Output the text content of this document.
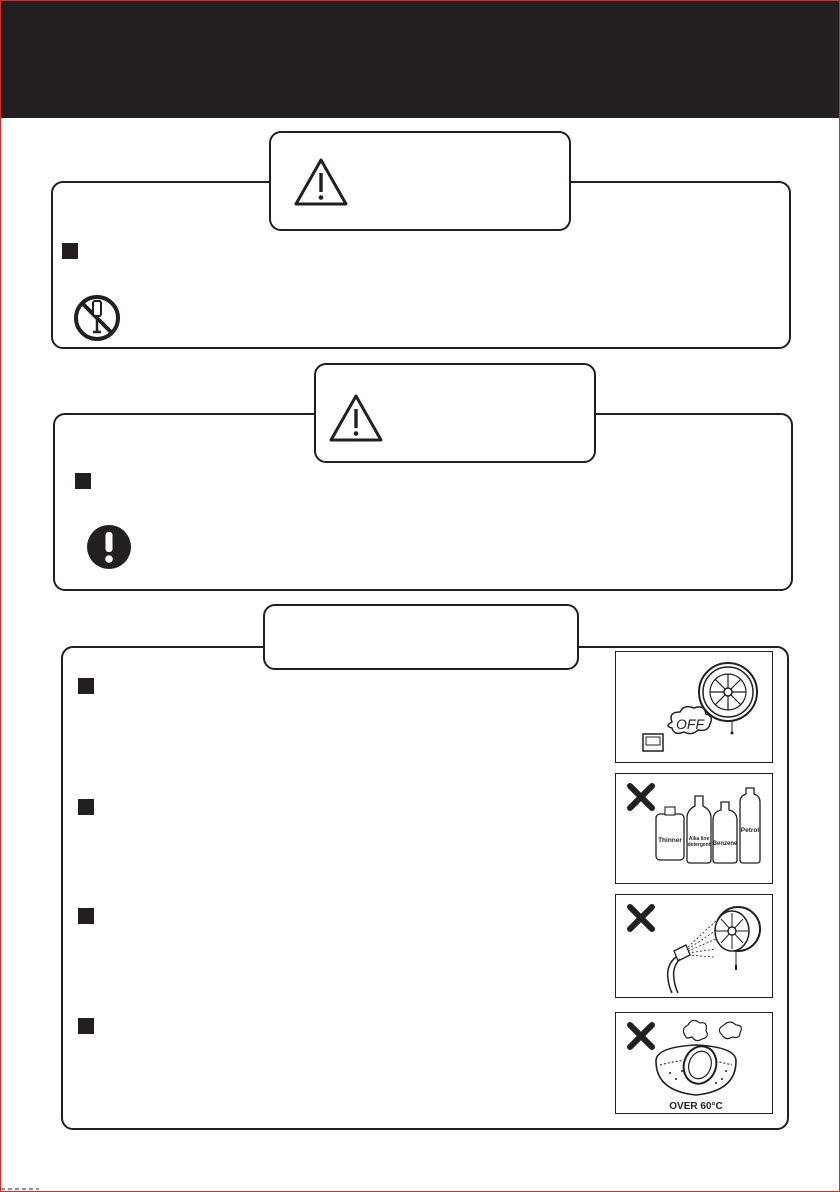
OFF
Thinner Alka line
detergent Benzene
Petrol
OVER 60°C
